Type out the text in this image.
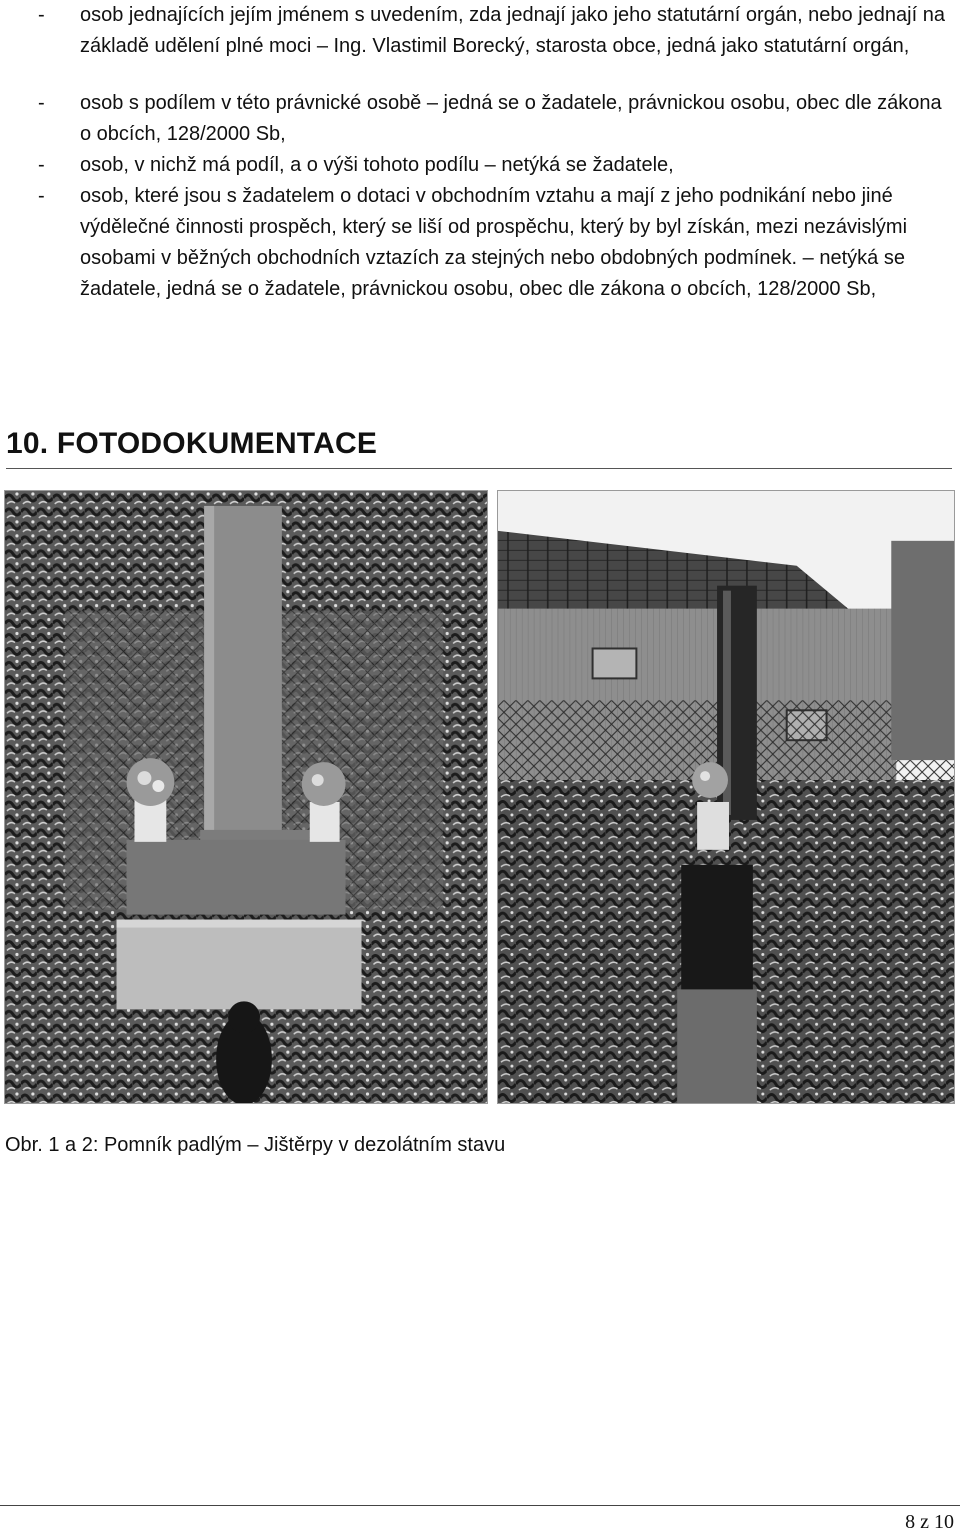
- osob jednajících jejím jménem s uvedením, zda jednají jako jeho statutární orgán, nebo jednají na základě udělení plné moci – Ing. Vlastimil Borecký, starosta obce, jedná jako statutární orgán,

- osob s podílem v této právnické osobě – jedná se o žadatele, právnickou osobu, obec dle zákona o obcích, 128/2000 Sb,

- osob, v nichž má podíl, a o výši tohoto podílu – netýká se žadatele,

- osob, které jsou s žadatelem o dotaci v obchodním vztahu a mají z jeho podnikání nebo jiné výdělečné činnosti prospěch, který se liší od prospěchu, který by byl získán, mezi nezávislými osobami v běžných obchodních vztazích za stejných nebo obdobných podmínek. – netýká se žadatele, jedná se o žadatele, právnickou osobu, obec dle zákona o obcích, 128/2000 Sb,

10. FOTODOKUMENTACE

Obr. 1 a 2: Pomník padlým – Jištěrpy v dezolátním stavu

8 z 10
